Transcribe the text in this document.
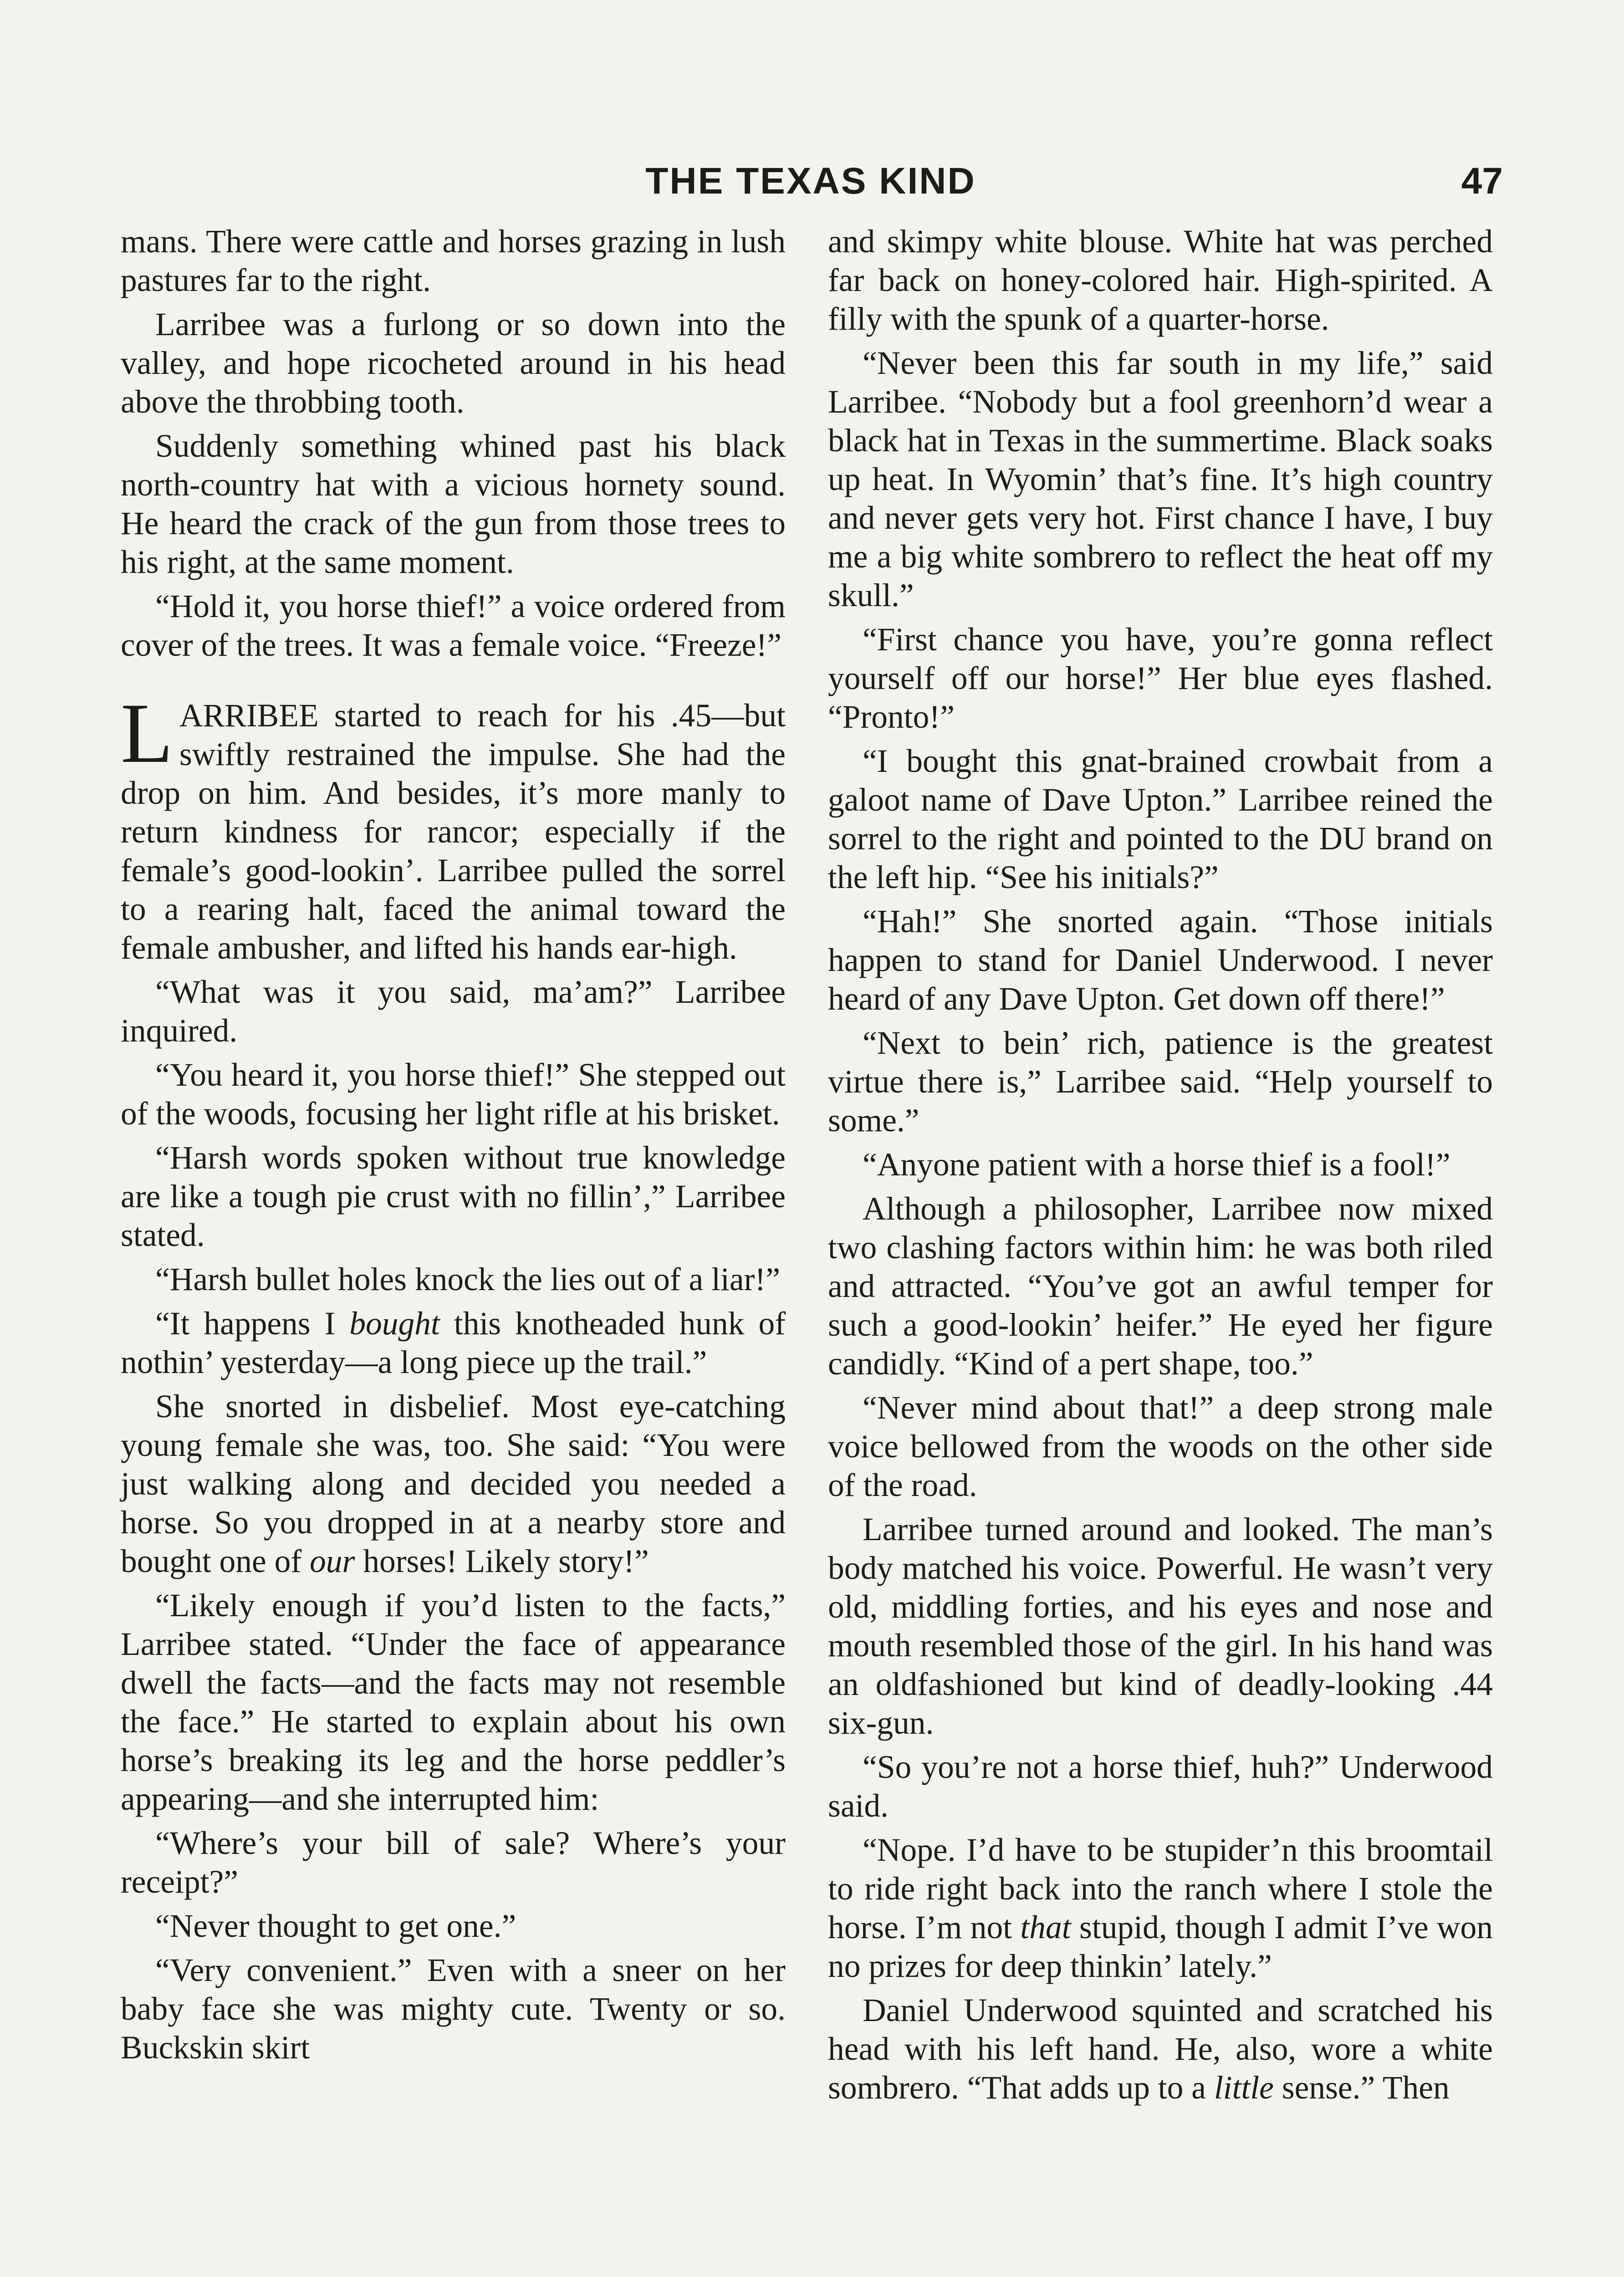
THE TEXAS KIND	47

mans. There were cattle and horses grazing in lush pastures far to the right.

Larribee was a furlong or so down into the valley, and hope ricocheted around in his head above the throbbing tooth.

Suddenly something whined past his black north-country hat with a vicious hornety sound. He heard the crack of the gun from those trees to his right, at the same moment.

“Hold it, you horse thief!” a voice ordered from cover of the trees. It was a female voice. “Freeze!”

LARRIBEE started to reach for his .45—but swiftly restrained the impulse. She had the drop on him. And besides, it’s more manly to return kindness for rancor; especially if the female’s good-lookin’. Larribee pulled the sorrel to a rearing halt, faced the animal toward the female ambusher, and lifted his hands ear-high.

“What was it you said, ma’am?” Larribee inquired.

“You heard it, you horse thief!” She stepped out of the woods, focusing her light rifle at his brisket.

“Harsh words spoken without true knowledge are like a tough pie crust with no fillin’,” Larribee stated.

“Harsh bullet holes knock the lies out of a liar!”

“It happens I bought this knotheaded hunk of nothin’ yesterday—a long piece up the trail.”

She snorted in disbelief. Most eye-catching young female she was, too. She said: “You were just walking along and decided you needed a horse. So you dropped in at a nearby store and bought one of our horses! Likely story!”

“Likely enough if you’d listen to the facts,” Larribee stated. “Under the face of appearance dwell the facts—and the facts may not resemble the face.” He started to explain about his own horse’s breaking its leg and the horse peddler’s appearing—and she interrupted him:

“Where’s your bill of sale? Where’s your receipt?”

“Never thought to get one.”

“Very convenient.” Even with a sneer on her baby face she was mighty cute. Twenty or so. Buckskin skirt

and skimpy white blouse. White hat was perched far back on honey-colored hair. High-spirited. A filly with the spunk of a quarter-horse.

“Never been this far south in my life,” said Larribee. “Nobody but a fool greenhorn’d wear a black hat in Texas in the summertime. Black soaks up heat. In Wyomin’ that’s fine. It’s high country and never gets very hot. First chance I have, I buy me a big white sombrero to reflect the heat off my skull.”

“First chance you have, you’re gonna reflect yourself off our horse!” Her blue eyes flashed. “Pronto!”

“I bought this gnat-brained crowbait from a galoot name of Dave Upton.” Larribee reined the sorrel to the right and pointed to the DU brand on the left hip. “See his initials?”

“Hah!” She snorted again. “Those initials happen to stand for Daniel Underwood. I never heard of any Dave Upton. Get down off there!”

“Next to bein’ rich, patience is the greatest virtue there is,” Larribee said. “Help yourself to some.”

“Anyone patient with a horse thief is a fool!”

Although a philosopher, Larribee now mixed two clashing factors within him: he was both riled and attracted. “You’ve got an awful temper for such a good-lookin’ heifer.” He eyed her figure candidly. “Kind of a pert shape, too.”

“Never mind about that!” a deep strong male voice bellowed from the woods on the other side of the road.

Larribee turned around and looked. The man’s body matched his voice. Powerful. He wasn’t very old, middling forties, and his eyes and nose and mouth resembled those of the girl. In his hand was an oldfashioned but kind of deadly-looking .44 six-gun.

“So you’re not a horse thief, huh?” Underwood said.

“Nope. I’d have to be stupider’n this broomtail to ride right back into the ranch where I stole the horse. I’m not that stupid, though I admit I’ve won no prizes for deep thinkin’ lately.”

Daniel Underwood squinted and scratched his head with his left hand. He, also, wore a white sombrero. “That adds up to a little sense.” Then
